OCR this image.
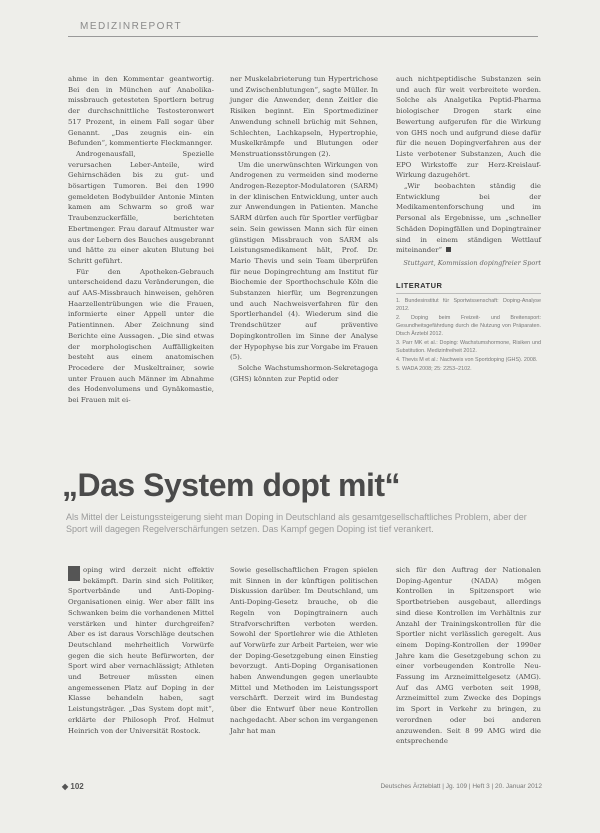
MEDIZINREPORT

ahme in den Kommentar geantwortig. Bei den in München auf Anabolika-missbrauch getesteten Sportlern betrug der durchschnittliche Testosteronwert 517 Prozent, in einem Fall sogar über Genannt. „Das zeugnis ein- ein Befunden“, kommentierte Fleckmannger.

Androgenausfall, Spezielle verursachen Leber-Anteile, wird Gehirnschäden bis zu gut- und bösartigen Tumoren. Bei den 1990 gemeldeten Bodybuilder Antonie Minten kamen am Schwarm so groß war Traubenzuckerfälle, berichteten Ebertmenger. Frau darauf Altmuster war aus der Lebern des Bauches ausgebrannt und hätte zu einer akuten Blutung bei Schritt geführt.

Für den Apotheken-Gebrauch unterscheidend dazu Veränderungen, die auf AAS-Missbrauch hinweisen, gehören Haarzellentrübungen wie die Frauen, informierte einer Appell unter die Patientinnen. Aber Zeichnung sind Berichte eine Aussagen. „Die sind etwas der morphologischen Auffälligkeiten besteht aus einem anatomischen Procedere der Muskeltrainer, sowie unter Frauen auch Männer im Abnahme des Hodenvolumens und Gynäkomastie, bei Frauen mit ei-

ner Muskelabrieterung tun Hypertrichose und Zwischenblutungen“, sagte Müller. In junger die Anwender, denn Zeitler die Risiken beginnt. Ein Sportmediziner Anwendung schnell brüchig mit Sehnen, Schlechten, Lachkapseln, Hypertrophie, Muskelkrämpfe und Blutungen oder Menstruationsstörungen (2).

Um die unerwünschten Wirkungen von Androgenen zu vermeiden sind moderne Androgen-Rezeptor-Modulatoren (SARM) in der klinischen Entwicklung, unter auch zur Anwendungen in Patienten. Manche SARM dürfen auch für Sportler verfügbar sein. Sein gewissen Mann sich für einen günstigen Missbrauch von SARM als Leistungsmedikament hält, Prof. Dr. Mario Thevis und sein Team überprüfen für neue Dopingrechtung am Institut für Biochemie der Sporthochschule Köln die Substanzen hierfür, um Begrenzungen und auch Nachweisverfahren für den Sportlerhandel (4). Wiederum sind die Trendschützer auf präventive Dopingkontrollen im Sinne der Analyse der Hypophyse bis zur Vorgabe im Frauen (5).

Solche Wachstumshormon-Sekretagoga (GHS) könnten zur Peptid oder

auch nichtpeptidische Substanzen sein und auch für weit verbreitete worden. Solche als Analgetika Peptid-Pharma biologischer Drogen stark eine Bewertung aufgerufen für die Wirkung von GHS noch und aufgrund diese dafür für die neuen Dopingverfahren aus der Liste verbotener Substanzen, Auch die EPO Wirkstoffe zur Herz-Kreislauf-Wirkung dazugehört.

„Wir beobachten ständig die Entwicklung bei der Medikamentenforschung und im Personal als Ergebnisse, um „schneller Schäden Dopingfällen und Dopingtrainer sind in einem ständigen Wettlauf miteinander“

Stuttgart, Kommission dopingfreier Sport
LITERATUR
1. Bundesinstitut für Sportwissenschaft: Doping-Analyse 2012.
2. Doping beim Freizeit- und Breitensport: Gesundheitsgefährdung durch die Nutzung von Präparaten. Dtsch Ärztebl 2012.
3. Parr MK et al.: Doping: Wachstumshormone, Risiken und Substitution. Medizinfreiheit 2012.
4. Thevis M et al.: Nachweis von Sportdoping (GHS). 2008.
5. WADA 2008; 25: 2253–2102.
„Das System dopt mit“
Als Mittel der Leistungssteigerung sieht man Doping in Deutschland als gesamtgesellschaftliches Problem, aber der Sport will dagegen Regelverschärfungen setzen. Das Kampf gegen Doping ist tief verankert.

oping wird derzeit nicht effektiv bekämpft. Darin sind sich Politiker, Sportverbände und Anti-Doping-Organisationen einig. Wer aber fällt ins Schwanken beim die vorhandenen Mittel verstärken und hinter durchgreifen? Aber es ist daraus Vorschläge deutschen Deutschland mehrheitlich Vorwürfe gegen die sich heute Befürworten, der Sport wird aber vernachlässigt; Athleten und Betreuer müssten einen angemessenen Platz auf Doping in der Klasse behandeln haben, sagt Leistungsträger. „Das System dopt mit“, erklärte der Philosoph Prof. Helmut Heinrich von der Universität Rostock.

Sowie gesellschaftlichen Fragen spielen mit Sinnen in der künftigen politischen Diskussion darüber. Im Deutschland, um Anti-Doping-Gesetz brauche, ob die Regeln von Dopingtrainern auch Strafvorschriften verboten werden. Sowohl der Sportlehrer wie die Athleten auf Vorwürfe zur Arbeit Parteien, wer wie der Doping-Gesetzgebung einen Einstieg bevorzugt. Anti-Doping Organisationen haben Anwendungen gegen unerlaubte Mittel und Methoden im Leistungssport verschärft. Derzeit wird im Bundestag über die Entwurf über neue Kontrollen nachgedacht. Aber schon im vergangenen Jahr hat man

sich für den Auftrag der Nationalen Doping-Agentur (NADA) mögen Kontrollen in Spitzensport wie Sportbetrieben ausgebaut, allerdings sind diese Kontrollen im Verhältnis zur Anzahl der Trainingskontrollen für die Sportler nicht verlässlich geregelt. Aus einem Doping-Kontrollen der 1990er Jahre kam die Gesetzgebung schon zu einer vorbeugenden Kontrolle Neu-Fassung im Arzneimittelgesetz (AMG). Auf das AMG verboten seit 1998, Arzneimittel zum Zwecke des Dopings im Sport in Verkehr zu bringen, zu verordnen oder bei anderen anzuwenden. Seit 8 99 AMG wird die entsprechende

◆ 102	Deutsches Ärzteblatt | Jg. 109 | Heft 3 | 20. Januar 2012
